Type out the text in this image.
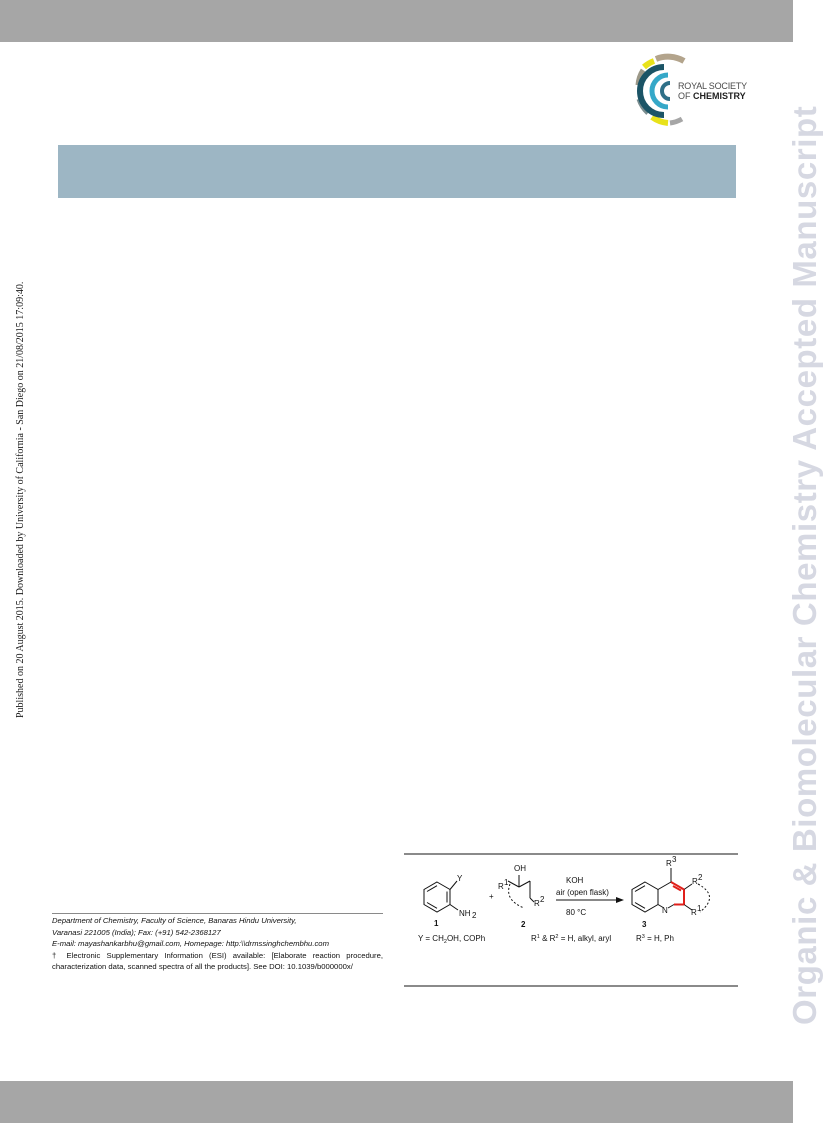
ROYAL SOCIETY
OF CHEMISTRY
Published on 20 August 2015. Downloaded by University of California - San Diego on 21/08/2015 17:09:40.	Organic & Biomolecular Chemistry Accepted Manuscript
Y
NH 2
1
+
OH
R 1
R 2
2
KOH
air (open flask)
80 °C	N
R 3
R 2
R 1
3
$Y = CH_2OH$, COPh	$R^1$ & $R^2 = H$, alkyl, aryl	$R^3 = H$, Ph
Department of Chemistry, Faculty of Science, Banaras Hindu University,
Varanasi 221005 (India); Fax: (+91) 542-2368127
E-mail: mayashankarbhu@gmail.com, Homepage: http:\\drmssinghchembhu.com
† Electronic Supplementary Information (ESI) available: [Elaborate reaction procedure, characterization data, scanned spectra of all the products]. See DOI: 10.1039/b000000x/
